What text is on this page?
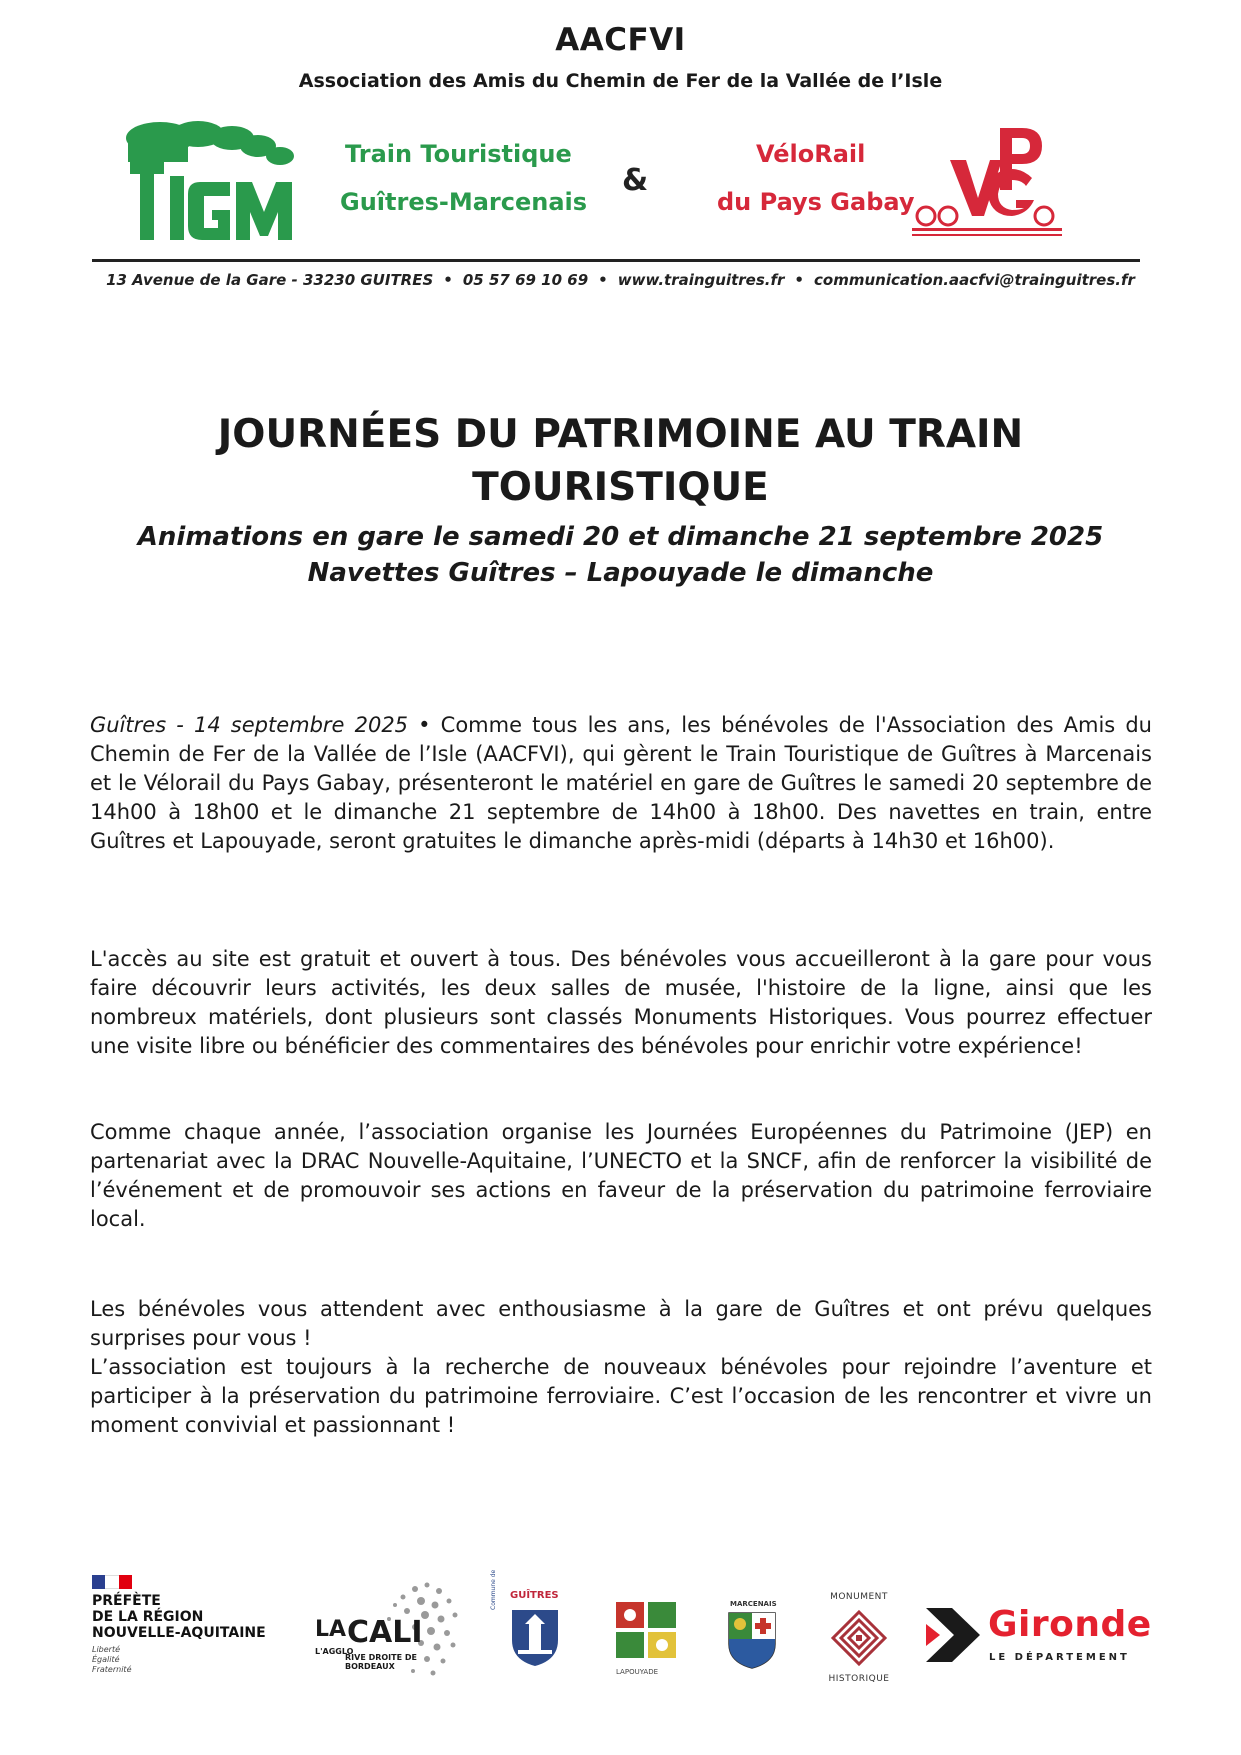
AACFVI
Association des Amis du Chemin de Fer de la Vallée de l’Isle
Train Touristique
Guîtres-Marcenais
&
VéloRail
du Pays Gabay
13 Avenue de la Gare - 33230 GUITRES • 05 57 69 10 69 • www.trainguitres.fr • communication.aacfvi@trainguitres.fr
JOURNÉES DU PATRIMOINE AU TRAIN
TOURISTIQUE
Animations en gare le samedi 20 et dimanche 21 septembre 2025
Navettes Guîtres – Lapouyade le dimanche
Guîtres - 14 septembre 2025 • Comme tous les ans, les bénévoles de l'Association des Amis du Chemin de Fer de la Vallée de l’Isle (AACFVI), qui gèrent le Train Touristique de Guîtres à Marcenais et le Vélorail du Pays Gabay, présenteront le matériel en gare de Guîtres le samedi 20 septembre de 14h00 à 18h00 et le dimanche 21 septembre de 14h00 à 18h00. Des navettes en train, entre Guîtres et Lapouyade, seront gratuites le dimanche après-midi (départs à 14h30 et 16h00).
L'accès au site est gratuit et ouvert à tous. Des bénévoles vous accueilleront à la gare pour vous faire découvrir leurs activités, les deux salles de musée, l'histoire de la ligne, ainsi que les nombreux matériels, dont plusieurs sont classés Monuments Historiques. Vous pourrez effectuer une visite libre ou bénéficier des commentaires des bénévoles pour enrichir votre expérience!
Comme chaque année, l’association organise les Journées Européennes du Patrimoine (JEP) en partenariat avec la DRAC Nouvelle-Aquitaine, l’UNECTO et la SNCF, afin de renforcer la visibilité de l’événement et de promouvoir ses actions en faveur de la préservation du patrimoine ferroviaire local.
Les bénévoles vous attendent avec enthousiasme à la gare de Guîtres et ont prévu quelques surprises pour vous !
L’association est toujours à la recherche de nouveaux bénévoles pour rejoindre l’aventure et participer à la préservation du patrimoine ferroviaire. C’est l’occasion de les rencontrer et vivre un moment convivial et passionnant !
PRÉFÈTE
DE LA RÉGION
NOUVELLE-AQUITAINE
Liberté
Égalité
Fraternité
LA CALI
L'AGGLO
RIVE DROITE DE BORDEAUX
Commune de GUÎTRES
LAPOUYADE
MARCENAIS
MONUMENT
HISTORIQUE
Gironde
LE DÉPARTEMENT
